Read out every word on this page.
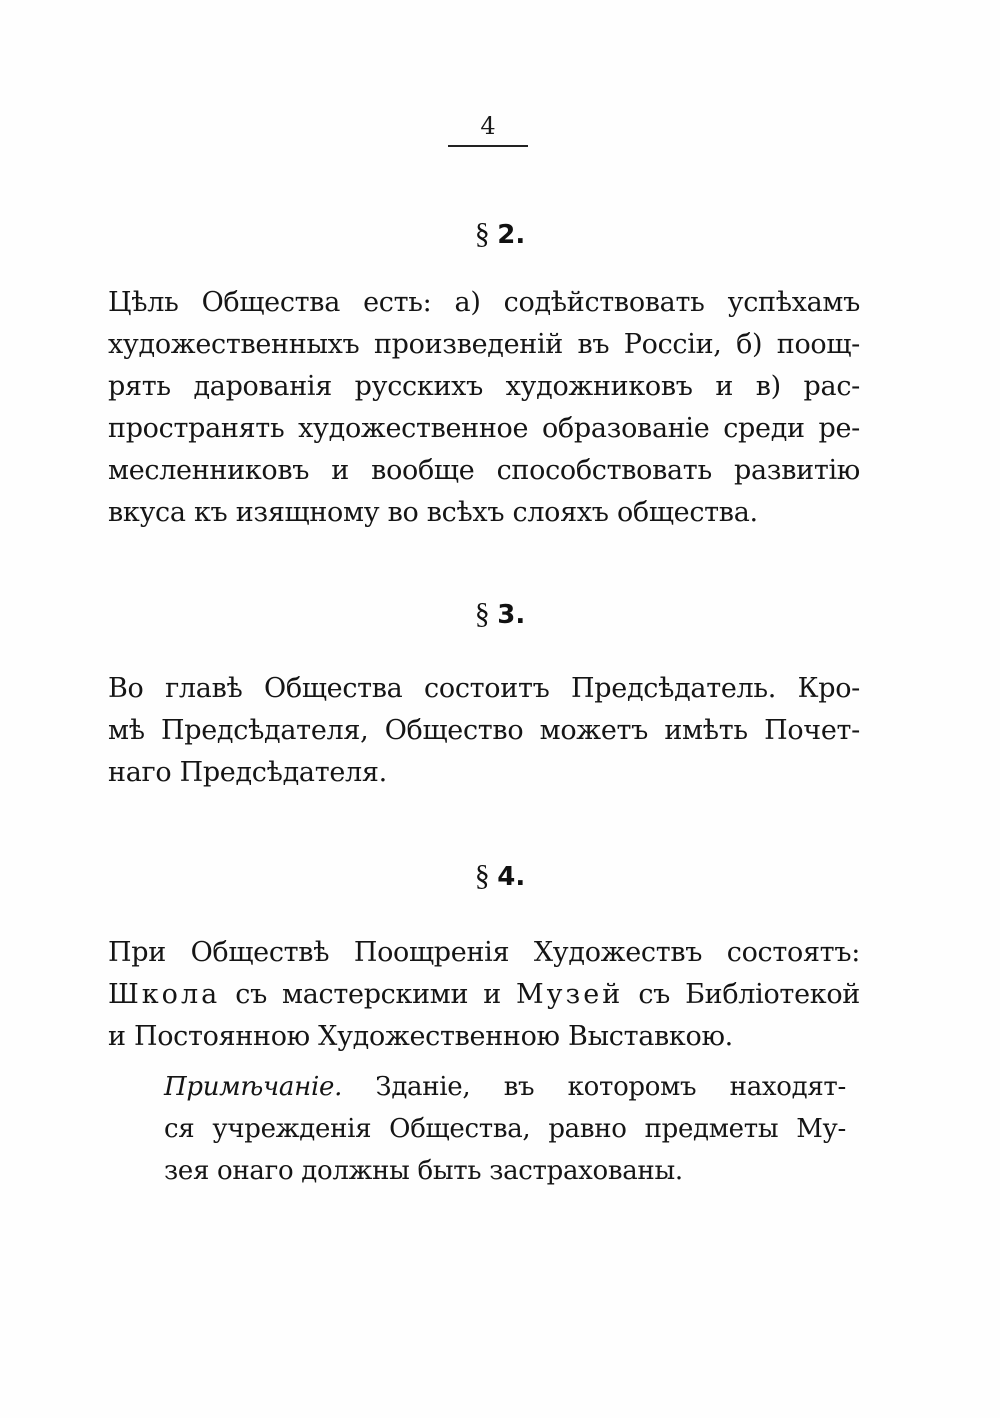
4
§ 2.
Цѣль Общества есть: а) содѣйствовать успѣхамъ
художественныхъ произведенiй въ Россiи, б) поощ-
рять дарованiя русскихъ художниковъ и в) рас-
пространять художественное образованiе среди ре-
месленниковъ и вообще способствовать развитiю
вкуса къ изящному во всѣхъ слояхъ общества.
§ 3.
Во главѣ Общества состоитъ Предсѣдатель. Кро-
мѣ Предсѣдателя, Общество можетъ имѣть Почет-
наго Предсѣдателя.
§ 4.
При Обществѣ Поощренiя Художествъ состоятъ:
Школа съ мастерскими и Музей съ Библiотекой
и Постоянною Художественною Выставкою.
Примѣчанiе. Зданiе, въ которомъ находят-
ся учрежденiя Общества, равно предметы Му-
зея онаго должны быть застрахованы.
